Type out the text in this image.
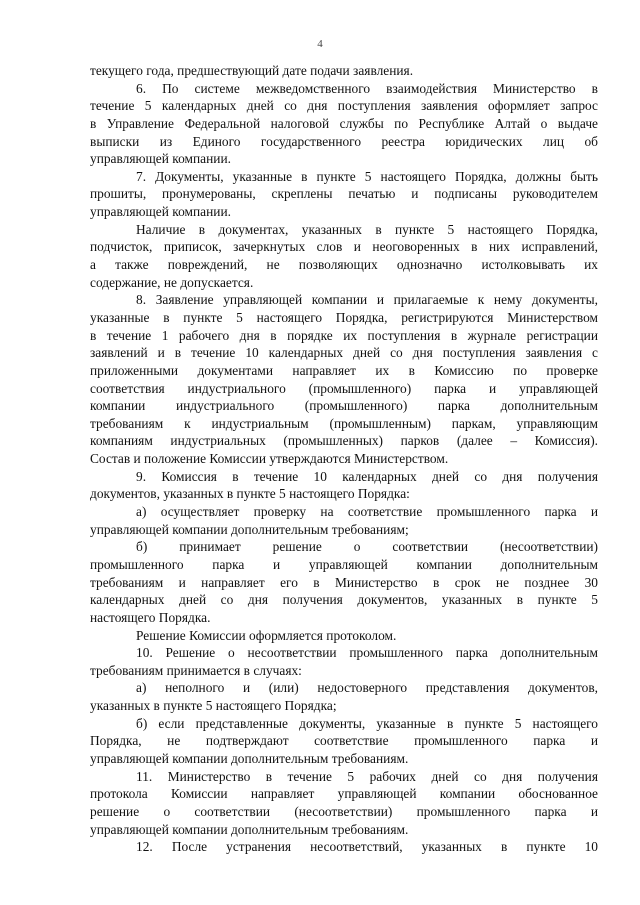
4
текущего года, предшествующий дате подачи заявления.
6. По системе межведомственного взаимодействия Министерство в
течение 5 календарных дней со дня поступления заявления оформляет запрос
в Управление Федеральной налоговой службы по Республике Алтай о выдаче
выписки из Единого государственного реестра юридических лиц об
управляющей компании.
7. Документы, указанные в пункте 5 настоящего Порядка, должны быть
прошиты, пронумерованы, скреплены печатью и подписаны руководителем
управляющей компании.
Наличие в документах, указанных в пункте 5 настоящего Порядка,
подчисток, приписок, зачеркнутых слов и неоговоренных в них исправлений,
а также повреждений, не позволяющих однозначно истолковывать их
содержание, не допускается.
8. Заявление управляющей компании и прилагаемые к нему документы,
указанные в пункте 5 настоящего Порядка, регистрируются Министерством
в течение 1 рабочего дня в порядке их поступления в журнале регистрации
заявлений и в течение 10 календарных дней со дня поступления заявления с
приложенными документами направляет их в Комиссию по проверке
соответствия индустриального (промышленного) парка и управляющей
компании индустриального (промышленного) парка дополнительным
требованиям к индустриальным (промышленным) паркам, управляющим
компаниям индустриальных (промышленных) парков (далее – Комиссия).
Состав и положение Комиссии утверждаются Министерством.
9. Комиссия в течение 10 календарных дней со дня получения
документов, указанных в пункте 5 настоящего Порядка:
а) осуществляет проверку на соответствие промышленного парка и
управляющей компании дополнительным требованиям;
б) принимает решение о соответствии (несоответствии)
промышленного парка и управляющей компании дополнительным
требованиям и направляет его в Министерство в срок не позднее 30
календарных дней со дня получения документов, указанных в пункте 5
настоящего Порядка.
Решение Комиссии оформляется протоколом.
10. Решение о несоответствии промышленного парка дополнительным
требованиям принимается в случаях:
а) неполного и (или) недостоверного представления документов,
указанных в пункте 5 настоящего Порядка;
б) если представленные документы, указанные в пункте 5 настоящего
Порядка, не подтверждают соответствие промышленного парка и
управляющей компании дополнительным требованиям.
11. Министерство в течение 5 рабочих дней со дня получения
протокола Комиссии направляет управляющей компании обоснованное
решение о соответствии (несоответствии) промышленного парка и
управляющей компании дополнительным требованиям.
12. После устранения несоответствий, указанных в пункте 10
